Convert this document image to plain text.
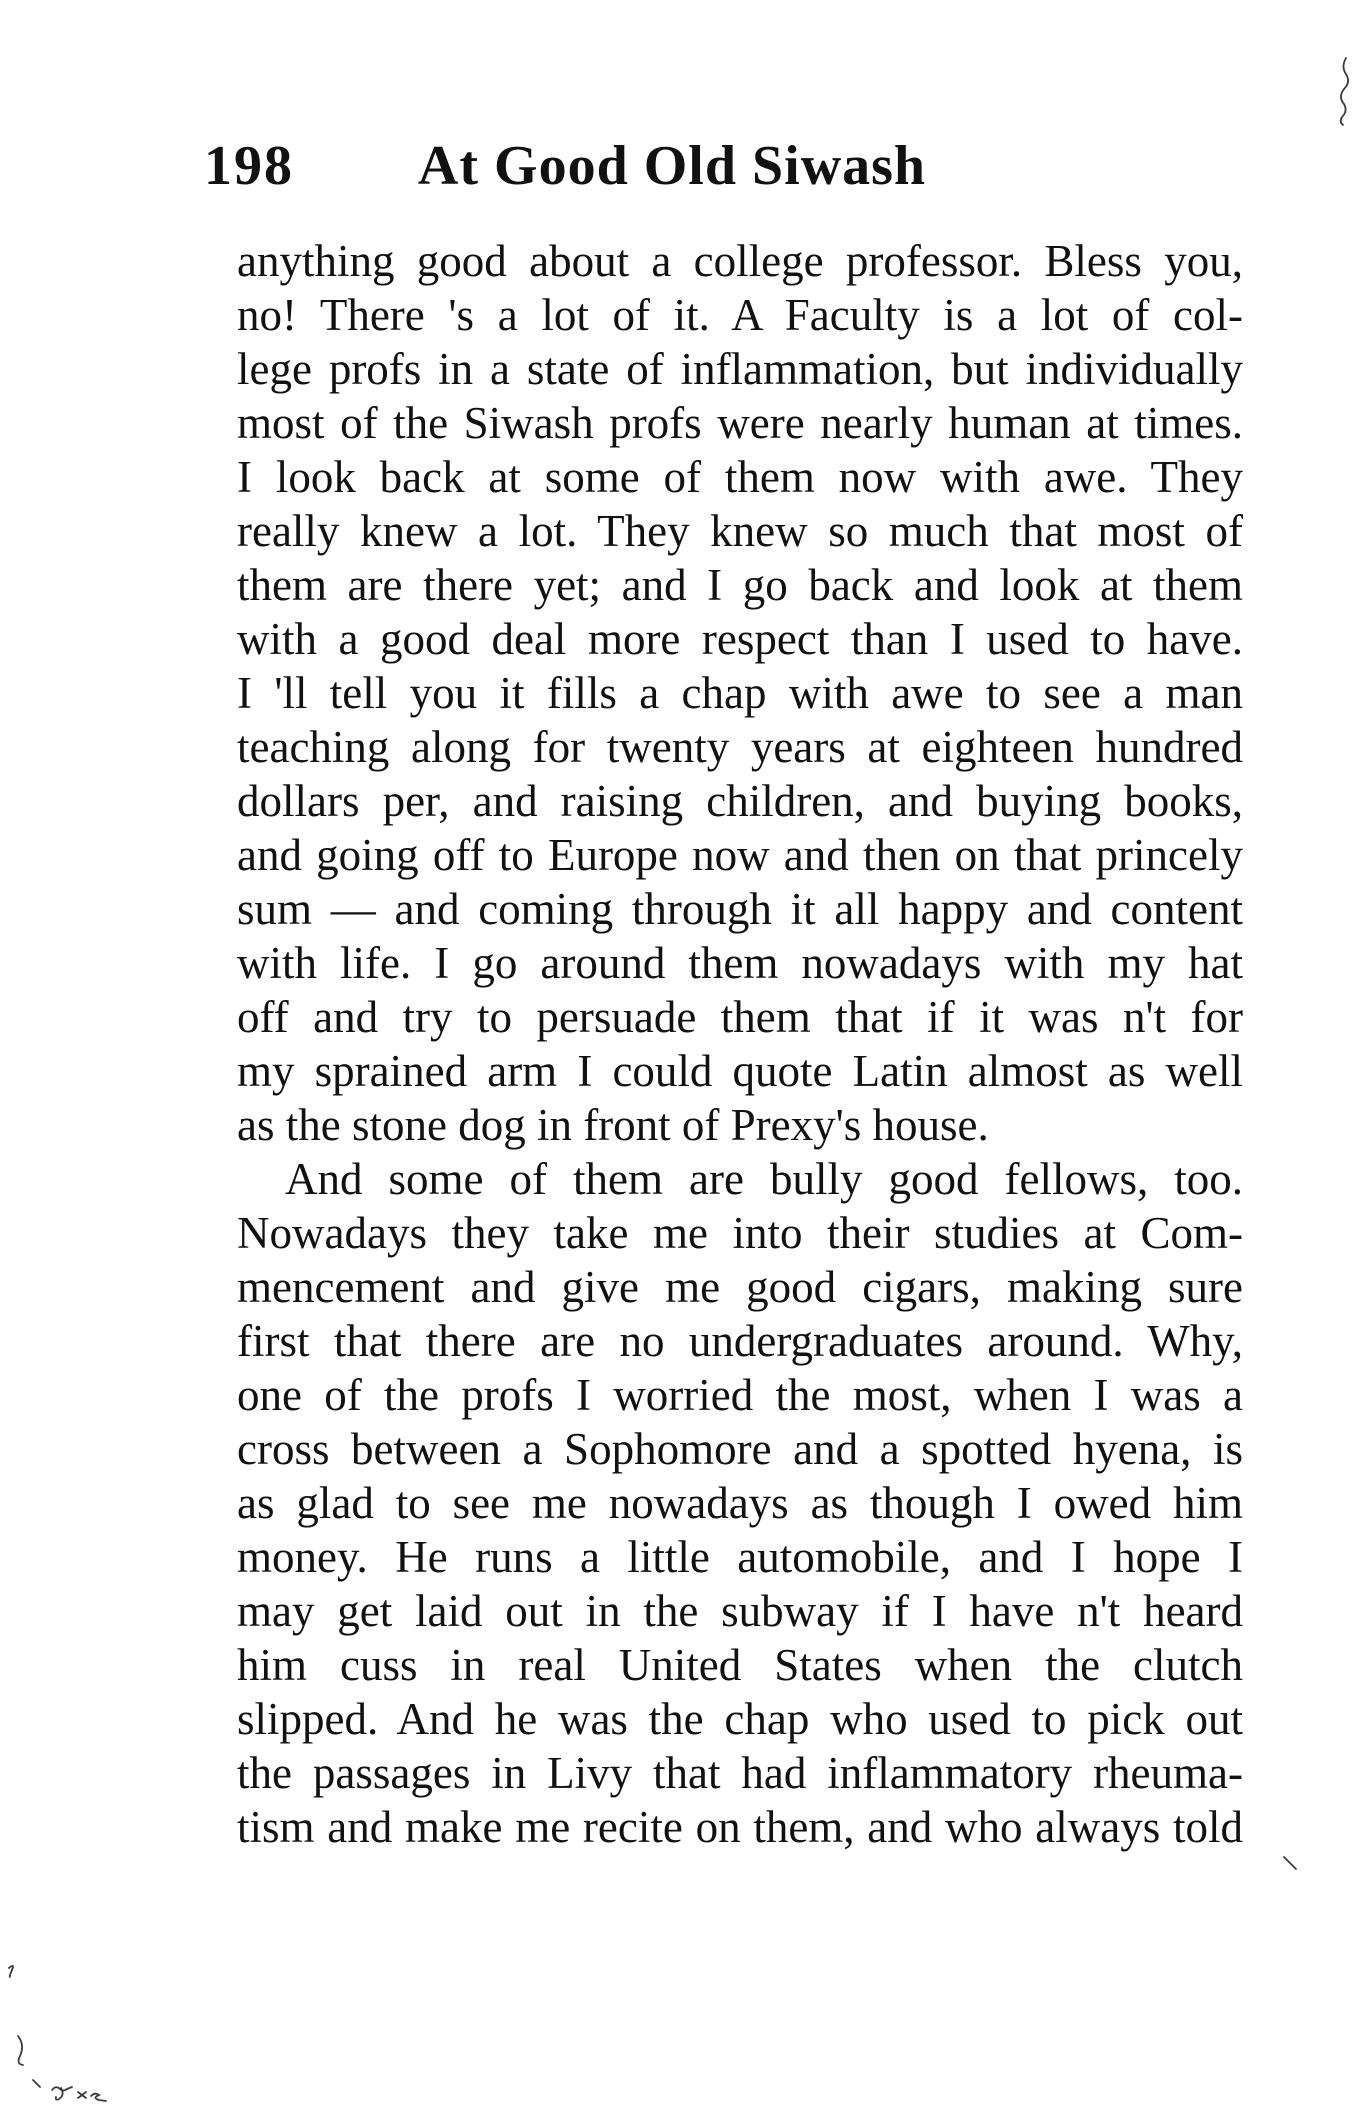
198 At Good Old Siwash
anything good about a college professor. Bless you,
no! There 's a lot of it. A Faculty is a lot of col-
lege profs in a state of inflammation, but individually
most of the Siwash profs were nearly human at times.
I look back at some of them now with awe. They
really knew a lot. They knew so much that most of
them are there yet; and I go back and look at them
with a good deal more respect than I used to have.
I 'll tell you it fills a chap with awe to see a man
teaching along for twenty years at eighteen hundred
dollars per, and raising children, and buying books,
and going off to Europe now and then on that princely
sum — and coming through it all happy and content
with life. I go around them nowadays with my hat
off and try to persuade them that if it was n't for
my sprained arm I could quote Latin almost as well
as the stone dog in front of Prexy's house.
And some of them are bully good fellows, too.
Nowadays they take me into their studies at Com-
mencement and give me good cigars, making sure
first that there are no undergraduates around. Why,
one of the profs I worried the most, when I was a
cross between a Sophomore and a spotted hyena, is
as glad to see me nowadays as though I owed him
money. He runs a little automobile, and I hope I
may get laid out in the subway if I have n't heard
him cuss in real United States when the clutch
slipped. And he was the chap who used to pick out
the passages in Livy that had inflammatory rheuma-
tism and make me recite on them, and who always told
